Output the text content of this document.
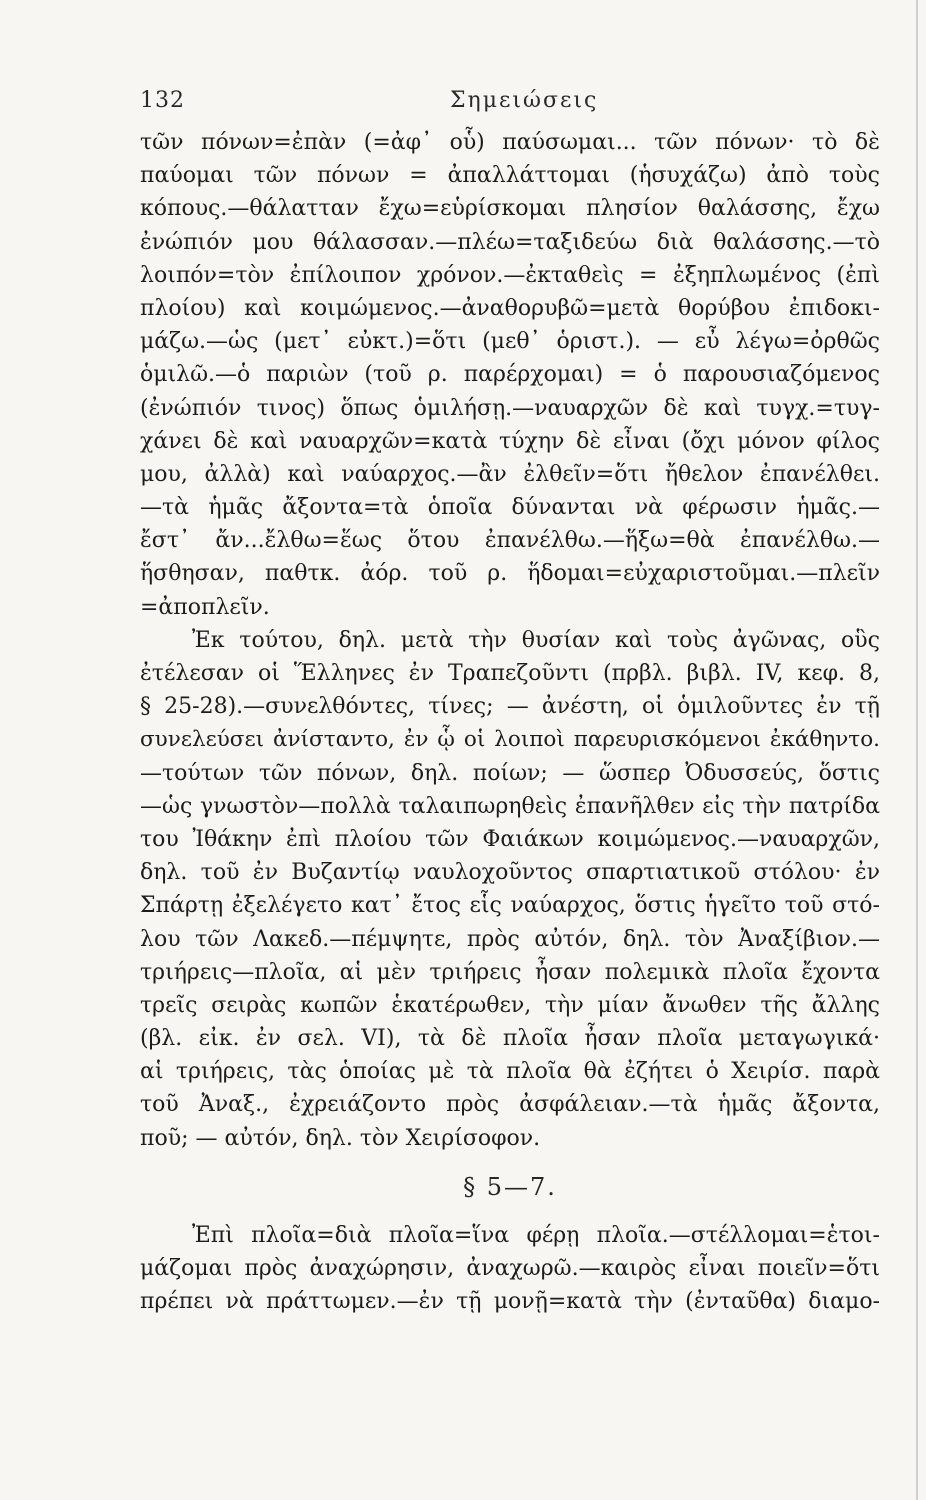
132	Σημειώσεις
τῶν πόνων=ἐπὰν (=ἀφ᾽ οὗ) παύσωμαι... τῶν πόνων· τὸ δὲ
παύομαι τῶν πόνων = ἀπαλλάττομαι (ἡσυχάζω) ἀπὸ τοὺς
κόπους.—θάλατταν ἔχω=εὑρίσκομαι πλησίον θαλάσσης, ἔχω
ἐνώπιόν μου θάλασσαν.—πλέω=ταξιδεύω διὰ θαλάσσης.—τὸ
λοιπόν=τὸν ἐπίλοιπον χρόνον.—ἐκταθεὶς = ἐξηπλωμένος (ἐπὶ
πλοίου) καὶ κοιμώμενος.—ἀναθορυβῶ=μετὰ θορύβου ἐπιδοκι-
μάζω.—ὡς (μετ᾽ εὐκτ.)=ὅτι (μεθ᾽ ὁριστ.). — εὖ λέγω=ὀρθῶς
ὁμιλῶ.—ὁ παριὼν (τοῦ ρ. παρέρχομαι) = ὁ παρουσιαζόμενος
(ἐνώπιόν τινος) ὅπως ὁμιλήσῃ.—ναυαρχῶν δὲ καὶ τυγχ.=τυγ-
χάνει δὲ καὶ ναυαρχῶν=κατὰ τύχην δὲ εἶναι (ὄχι μόνον φίλος
μου, ἀλλὰ) καὶ ναύαρχος.—ἂν ἐλθεῖν=ὅτι ἤθελον ἐπανέλθει.
—τὰ ἡμᾶς ἄξοντα=τὰ ὁποῖα δύνανται νὰ φέρωσιν ἡμᾶς.—
ἔστ᾽ ἄν...ἔλθω=ἕως ὅτου ἐπανέλθω.—ἥξω=θὰ ἐπανέλθω.—
ἥσθησαν, παθτκ. ἀόρ. τοῦ ρ. ἥδομαι=εὐχαριστοῦμαι.—πλεῖν
=ἀποπλεῖν.
Ἐκ τούτου, δηλ. μετὰ τὴν θυσίαν καὶ τοὺς ἀγῶνας, οὓς
ἐτέλεσαν οἱ Ἕλληνες ἐν Τραπεζοῦντι (πρβλ. βιβλ. IV, κεφ. 8,
§ 25-28).—συνελθόντες, τίνες; — ἀνέστη, οἱ ὁμιλοῦντες ἐν τῇ
συνελεύσει ἀνίσταντο, ἐν ᾧ οἱ λοιποὶ παρευρισκόμενοι ἐκάθηντο.
—τούτων τῶν πόνων, δηλ. ποίων; — ὥσπερ Ὀδυσσεύς, ὅστις
—ὡς γνωστὸν—πολλὰ ταλαιπωρηθεὶς ἐπανῆλθεν εἰς τὴν πατρίδα
του Ἰθάκην ἐπὶ πλοίου τῶν Φαιάκων κοιμώμενος.—ναυαρχῶν,
δηλ. τοῦ ἐν Βυζαντίῳ ναυλοχοῦντος σπαρτιατικοῦ στόλου· ἐν
Σπάρτῃ ἐξελέγετο κατ᾽ ἔτος εἷς ναύαρχος, ὅστις ἡγεῖτο τοῦ στό-
λου τῶν Λακεδ.—πέμψητε, πρὸς αὐτόν, δηλ. τὸν Ἀναξίβιον.—
τριήρεις—πλοῖα, αἱ μὲν τριήρεις ἦσαν πολεμικὰ πλοῖα ἔχοντα
τρεῖς σειρὰς κωπῶν ἑκατέρωθεν, τὴν μίαν ἄνωθεν τῆς ἄλλης
(βλ. εἰκ. ἐν σελ. VI), τὰ δὲ πλοῖα ἦσαν πλοῖα μεταγωγικά·
αἱ τριήρεις, τὰς ὁποίας μὲ τὰ πλοῖα θὰ ἐζήτει ὁ Χειρίσ. παρὰ
τοῦ Ἀναξ., ἐχρειάζοντο πρὸς ἀσφάλειαν.—τὰ ἡμᾶς ἄξοντα,
ποῦ; — αὐτόν, δηλ. τὸν Χειρίσοφον.
§ 5—7.
Ἐπὶ πλοῖα=διὰ πλοῖα=ἵνα φέρῃ πλοῖα.—στέλλομαι=ἑτοι-
μάζομαι πρὸς ἀναχώρησιν, ἀναχωρῶ.—καιρὸς εἶναι ποιεῖν=ὅτι
πρέπει νὰ πράττωμεν.—ἐν τῇ μονῇ=κατὰ τὴν (ἐνταῦθα) διαμο-
